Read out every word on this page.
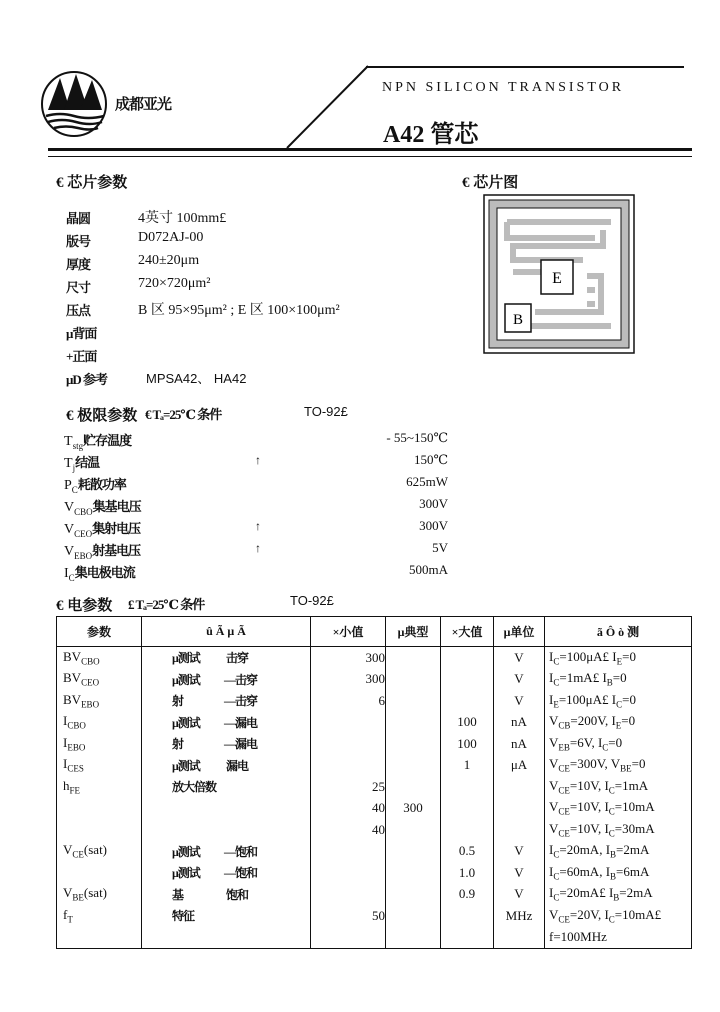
成都亚光
NPN SILICON TRANSISTOR
A42 管芯
€ 芯片参数
晶圆	4英寸 100mm£
版号	D072AJ-00
厚度	240±20μm
尺寸	720×720μm²
压点	B 区 95×95μm² ; E 区 100×100μm²
μ背面
+正面
μD 参考	MPSA42、 HA42
€ 芯片图
E
B
€ 极限参数 € Tₐ=25℃ 条件	TO-92£
$T_{stg}$贮存温度	- 55~150℃
$T_j$结温	↑	150℃
$P_C$耗散功率	625mW
$V_{CBO}$集基电压	300V
$V_{CEO}$集射电压	↑	300V
$V_{EBO}$射基电压	↑	5V
$I_C$集电极电流	500mA
€ 电参数 £ Tₐ=25℃ 条件	TO-92£
参数	û Ã μ Ã	×小值	μ典型	×大值	μ单位	ã Ô ò 测
$BV_{CBO}$	μ测试 击穿	300			V	$I_C=100\mu A£$ $I_E=0$
$BV_{CEO}$	μ测试 —击穿	300			V	$I_C=1mA£$ $I_B=0$
$BV_{EBO}$	射 —击穿	6			V	$I_E=100\mu A£$ $I_C=0$
$I_{CBO}$	μ测试 —漏电			100	nA	$V_{CB}=200V$, $I_E=0$
$I_{EBO}$	射 —漏电			100	nA	$V_{EB}=6V$, $I_C=0$
$I_{CES}$	μ测试 漏电			1	μA	$V_{CE}=300V$, $V_{BE}=0$
$h_{FE}$	放大倍数	25				$V_{CE}=10V$, $I_C=1mA$
		40	300			$V_{CE}=10V$, $I_C=10mA$
		40				$V_{CE}=10V$, $I_C=30mA$
$V_{CE}(sat)$	μ测试 —饱和			0.5	V	$I_C=20mA$, $I_B=2mA$
	μ测试 —饱和			1.0	V	$I_C=60mA$, $I_B=6mA$
$V_{BE}(sat)$	基 饱和			0.9	V	$I_C=20mA£$ $I_B=2mA$
$f_T$	特征	50			MHz	$V_{CE}=20V$, $I_C=10mA£$
						f=100MHz
